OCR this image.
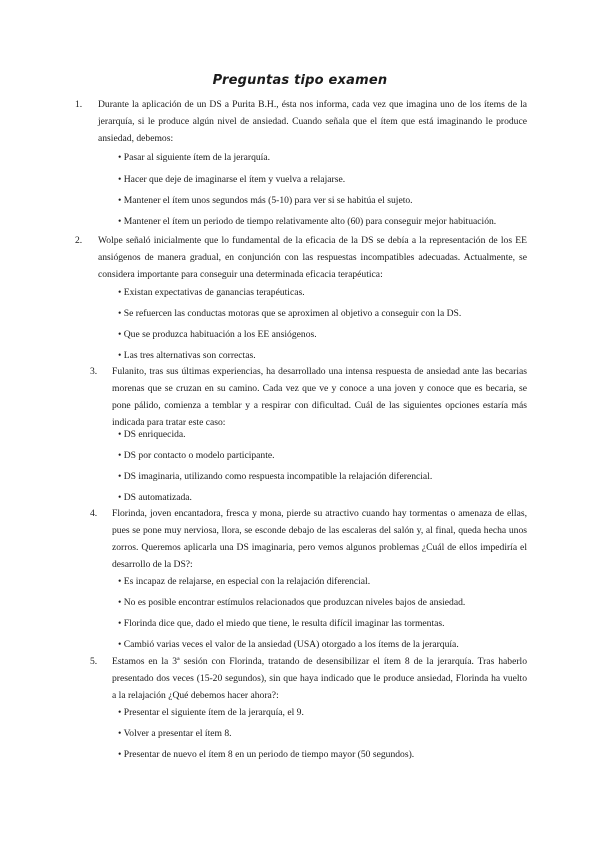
Preguntas tipo examen
1. Durante la aplicación de un DS a Purita B.H., ésta nos informa, cada vez que imagina uno de los ítems de la jerarquía, si le produce algún nivel de ansiedad. Cuando señala que el ítem que está imaginando le produce ansiedad, debemos:
• Pasar al siguiente ítem de la jerarquía.
• Hacer que deje de imaginarse el ítem y vuelva a relajarse.
• Mantener el ítem unos segundos más (5-10) para ver si se habitúa el sujeto.
• Mantener el ítem un periodo de tiempo relativamente alto (60) para conseguir mejor habituación.
2. Wolpe señaló inicialmente que lo fundamental de la eficacia de la DS se debía a la representación de los EE ansiógenos de manera gradual, en conjunción con las respuestas incompatibles adecuadas. Actualmente, se considera importante para conseguir una determinada eficacia terapéutica:
• Existan expectativas de ganancias terapéuticas.
• Se refuercen las conductas motoras que se aproximen al objetivo a conseguir con la DS.
• Que se produzca habituación a los EE ansiógenos.
• Las tres alternativas son correctas.
3. Fulanito, tras sus últimas experiencias, ha desarrollado una intensa respuesta de ansiedad ante las becarias morenas que se cruzan en su camino. Cada vez que ve y conoce a una joven y conoce que es becaria, se pone pálido, comienza a temblar y a respirar con dificultad. Cuál de las siguientes opciones estaría más indicada para tratar este caso:
• DS enriquecida.
• DS por contacto o modelo participante.
• DS imaginaria, utilizando como respuesta incompatible la relajación diferencial.
• DS automatizada.
4. Florinda, joven encantadora, fresca y mona, pierde su atractivo cuando hay tormentas o amenaza de ellas, pues se pone muy nerviosa, llora, se esconde debajo de las escaleras del salón y, al final, queda hecha unos zorros. Queremos aplicarla una DS imaginaria, pero vemos algunos problemas ¿Cuál de ellos impediría el desarrollo de la DS?:
• Es incapaz de relajarse, en especial con la relajación diferencial.
• No es posible encontrar estímulos relacionados que produzcan niveles bajos de ansiedad.
• Florinda dice que, dado el miedo que tiene, le resulta difícil imaginar las tormentas.
• Cambió varias veces el valor de la ansiedad (USA) otorgado a los ítems de la jerarquía.
5. Estamos en la 3ª sesión con Florinda, tratando de desensibilizar el ítem 8 de la jerarquía. Tras haberlo presentado dos veces (15-20 segundos), sin que haya indicado que le produce ansiedad, Florinda ha vuelto a la relajación ¿Qué debemos hacer ahora?:
• Presentar el siguiente ítem de la jerarquía, el 9.
• Volver a presentar el ítem 8.
• Presentar de nuevo el ítem 8 en un periodo de tiempo mayor (50 segundos).
